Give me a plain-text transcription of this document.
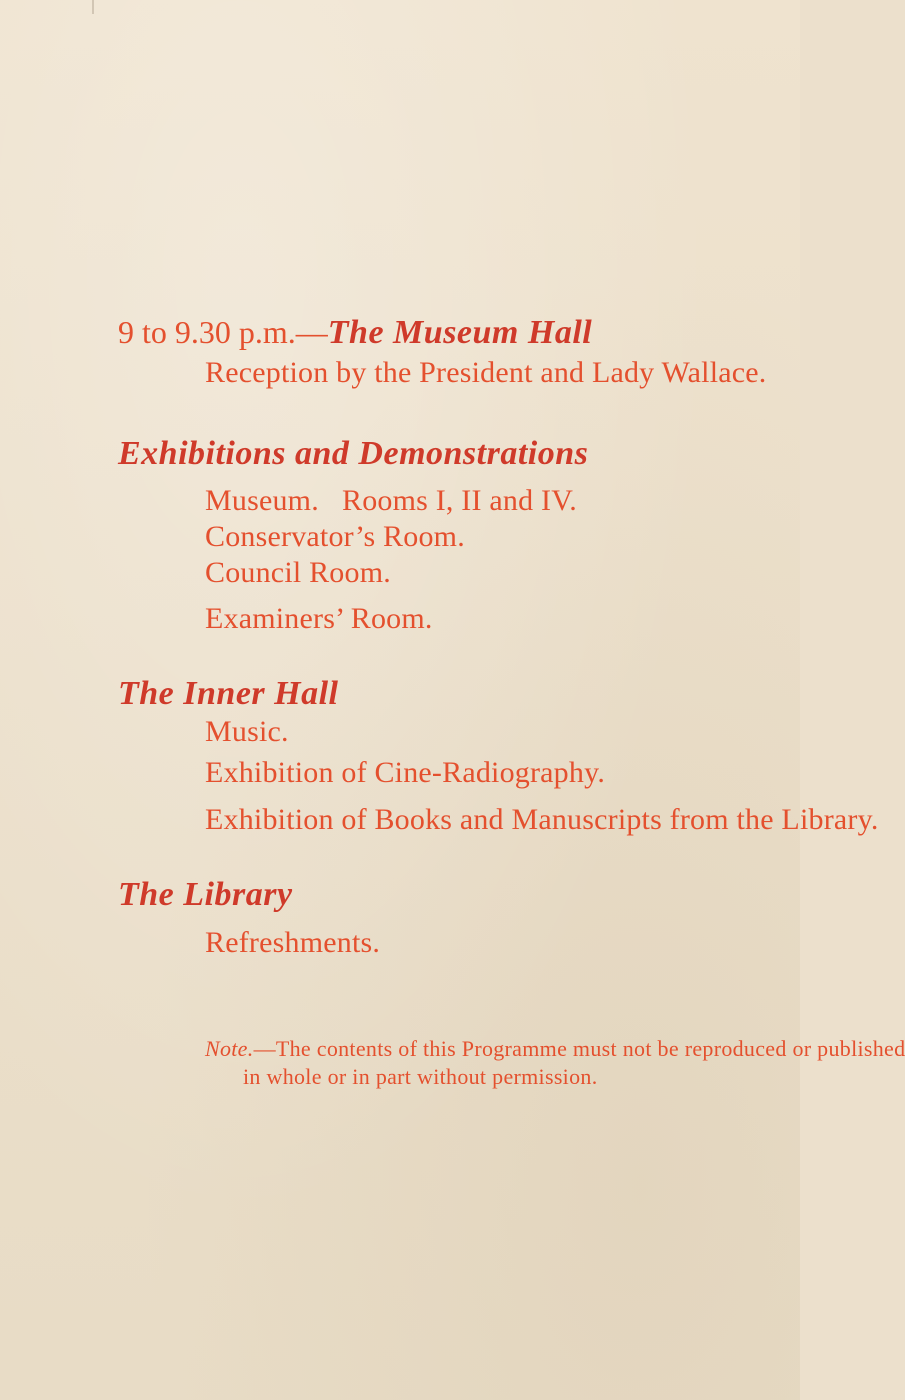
9 to 9.30 p.m.—The Museum Hall

Reception by the President and Lady Wallace.

Exhibitions and Demonstrations

Museum.   Rooms I, II and IV.

Conservator’s Room.

Council Room.

Examiners’ Room.

The Inner Hall

Music.

Exhibition of Cine-Radiography.

Exhibition of Books and Manuscripts from the Library.

The Library

Refreshments.

Note.—The contents of this Programme must not be reproduced or published

in whole or in part without permission.
